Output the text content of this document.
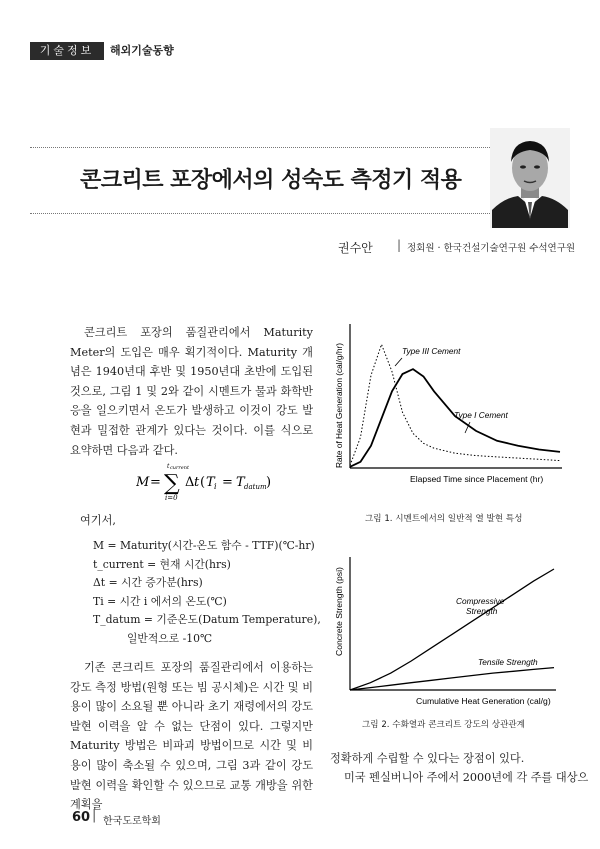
기술정보	해외기술동향
콘크리트 포장에서의 성숙도 측정기 적용
권수안 | 정회원 · 한국건설기술연구원 수석연구원
콘크리트 포장의 품질관리에서 Maturity Meter의 도입은 매우 획기적이다. Maturity 개념은 1940년대 후반 및 1950년대 초반에 도입된 것으로, 그림 1 및 2와 같이 시멘트가 물과 화학반응을 일으키면서 온도가 발생하고 이것이 강도 발현과 밀접한 관계가 있다는 것이다. 이를 식으로 요약하면 다음과 같다.
M = ∑
t current
i=0
Δ t ( T i = T datum )
여기서,
M = Maturity(시간-온도 함수 - TTF)(℃-hr)
t_current = 현재 시간(hrs)
Δt = 시간 증가분(hrs)
Ti = 시간 i 에서의 온도(℃)
T_datum = 기준온도(Datum Temperature),
일반적으로 -10℃
기존 콘크리트 포장의 품질관리에서 이용하는 강도 측정 방법(원형 또는 빔 공시체)은 시간 및 비용이 많이 소요될 뿐 아니라 초기 재령에서의 강도 발현 이력을 알 수 없는 단점이 있다. 그렇지만 Maturity 방법은 비파괴 방법이므로 시간 및 비용이 많이 축소될 수 있으며, 그림 3과 같이 강도 발현 이력을 확인할 수 있으므로 교통 개방을 위한 계획을
정확하게 수립할 수 있다는 장점이 있다.
미국 펜실버니아 주에서 2000년에 각 주를 대상으
Rate of Heat Generation (cal/g/hr)
Elapsed Time since Placement (hr)
Type III Cement
Type I Cement
그림 1. 시멘트에서의 일반적 열 발현 특성
Concrete Strength (psi)
Cumulative Heat Generation (cal/g)
Compressive
Strength
Tensile Strength
그림 2. 수화열과 콘크리트 강도의 상관관계
60 | 한국도로학회
